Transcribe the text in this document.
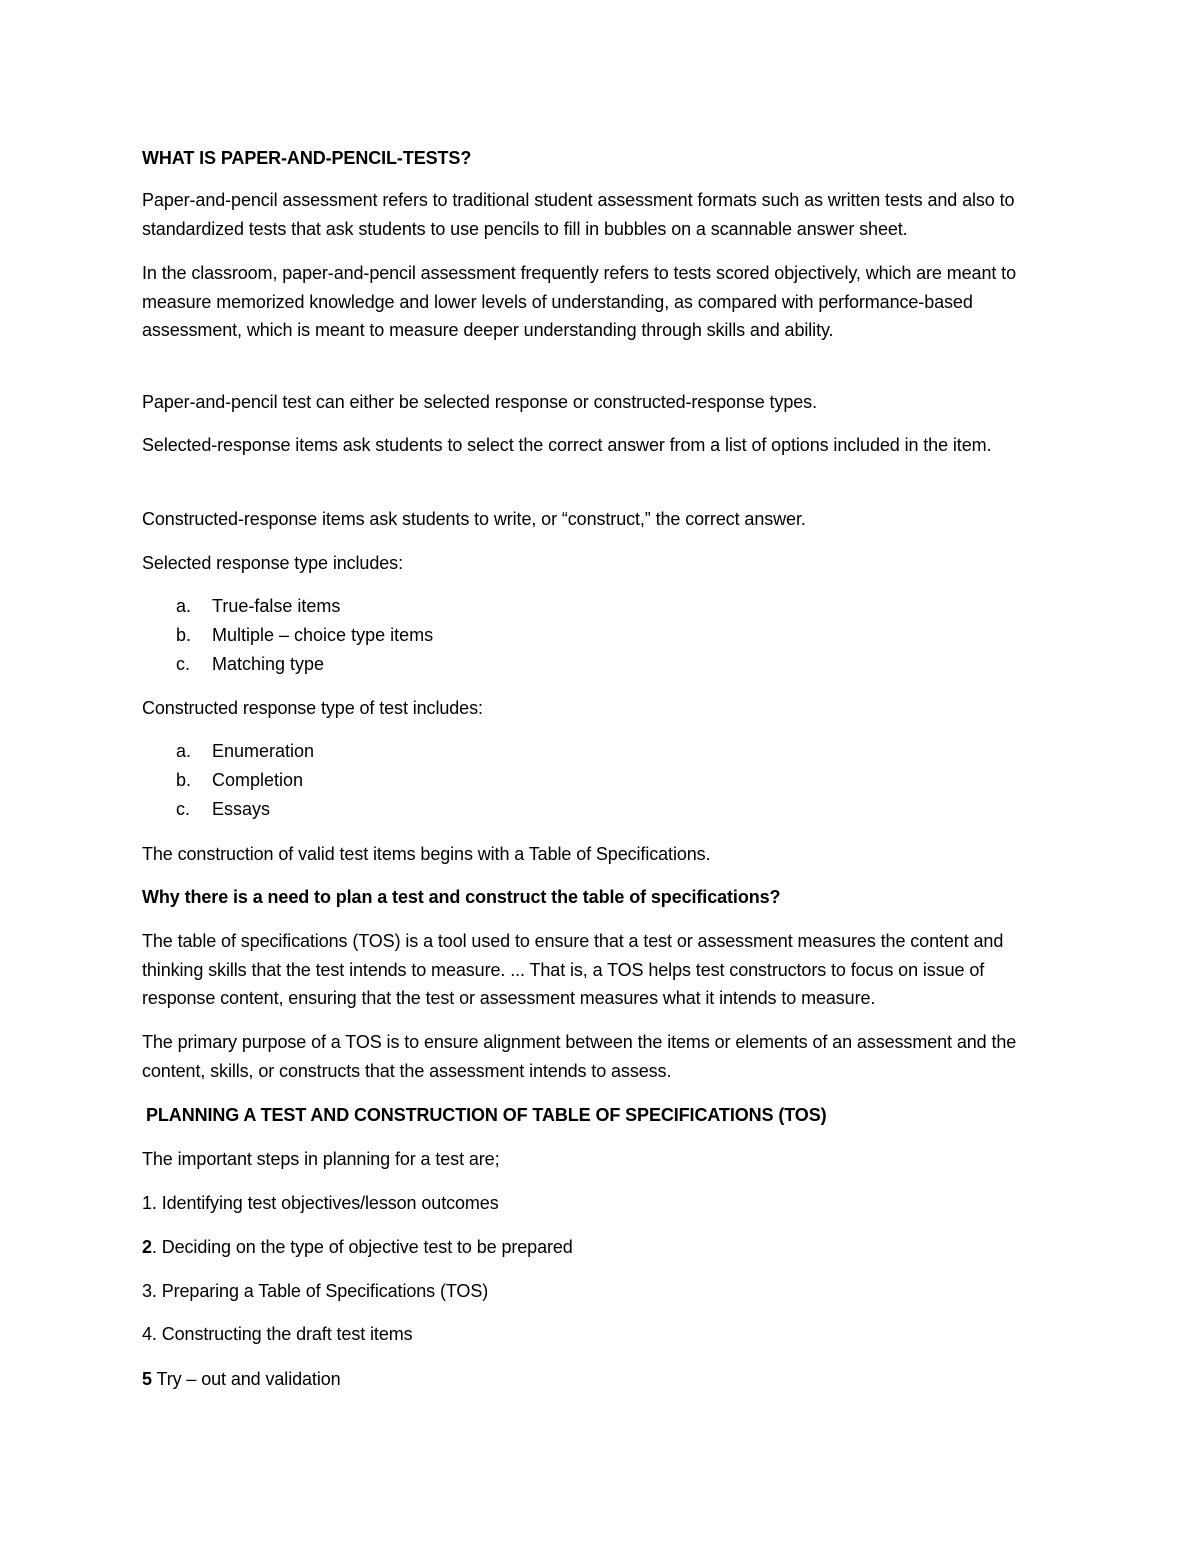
WHAT IS PAPER-AND-PENCIL-TESTS?

Paper-and-pencil assessment refers to traditional student assessment formats such as written tests and also to standardized tests that ask students to use pencils to fill in bubbles on a scannable answer sheet.

In the classroom, paper-and-pencil assessment frequently refers to tests scored objectively, which are meant to measure memorized knowledge and lower levels of understanding, as compared with performance-based assessment, which is meant to measure deeper understanding through skills and ability.

Paper-and-pencil test can either be selected response or constructed-response types.

Selected-response items ask students to select the correct answer from a list of options included in the item.

Constructed-response items ask students to write, or “construct,” the correct answer.

Selected response type includes:

a. True-false items
b. Multiple – choice type items
c. Matching type

Constructed response type of test includes:

a. Enumeration
b. Completion
c. Essays

The construction of valid test items begins with a Table of Specifications.

Why there is a need to plan a test and construct the table of specifications?

The table of specifications (TOS) is a tool used to ensure that a test or assessment measures the content and thinking skills that the test intends to measure. ... That is, a TOS helps test constructors to focus on issue of response content, ensuring that the test or assessment measures what it intends to measure.

The primary purpose of a TOS is to ensure alignment between the items or elements of an assessment and the content, skills, or constructs that the assessment intends to assess.

PLANNING A TEST AND CONSTRUCTION OF TABLE OF SPECIFICATIONS (TOS)

The important steps in planning for a test are;

1. Identifying test objectives/lesson outcomes

2. Deciding on the type of objective test to be prepared

3. Preparing a Table of Specifications (TOS)

4. Constructing the draft test items

5 Try – out and validation
